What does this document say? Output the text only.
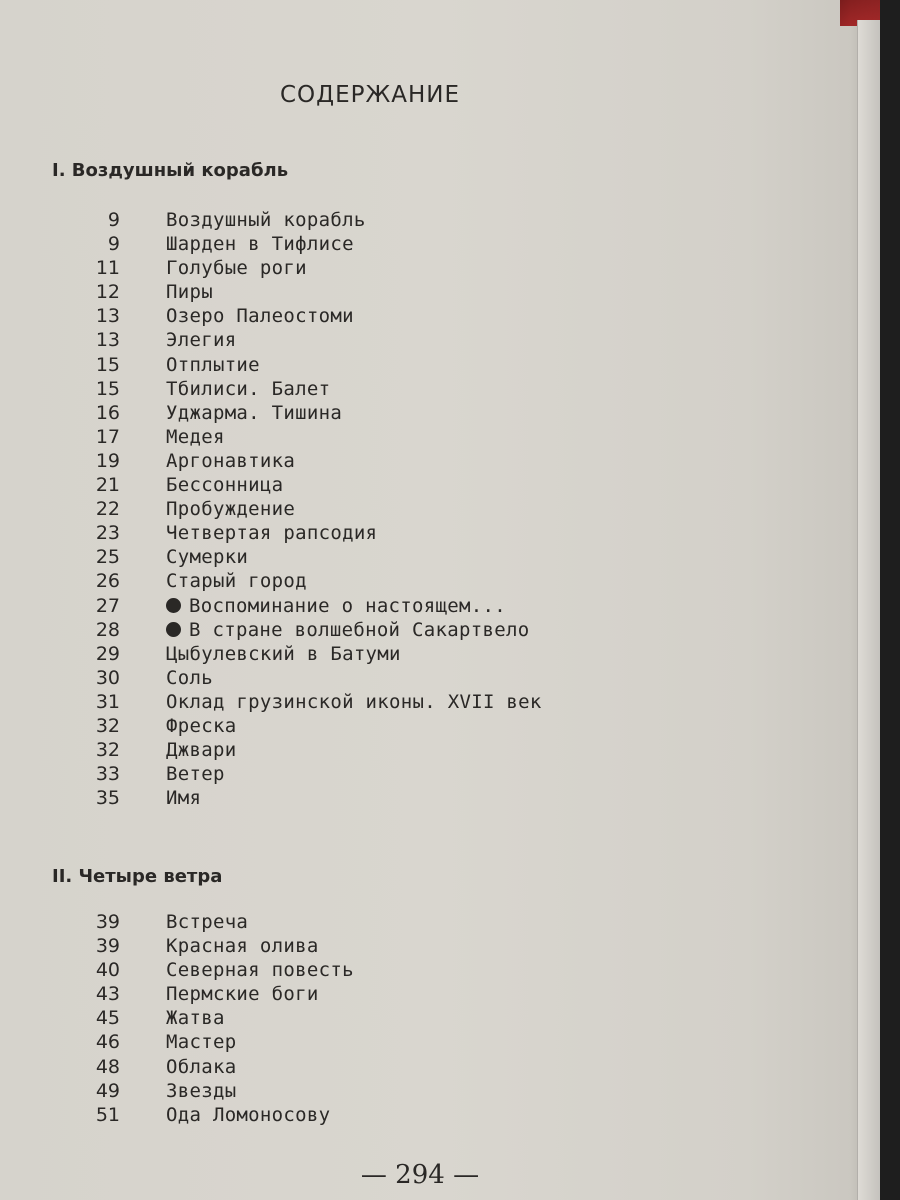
СОДЕРЖАНИЕ
I. Воздушный корабль
9 Воздушный корабль
9 Шарден в Тифлисе
11 Голубые роги
12 Пиры
13 Озеро Палеостоми
13 Элегия
15 Отплытие
15 Тбилиси. Балет
16 Уджарма. Тишина
17 Медея
19 Аргонавтика
21 Бессонница
22 Пробуждение
23 Четвертая рапсодия
25 Сумерки
26 Старый город
27	Воспоминание о настоящем...
28	В стране волшебной Сакартвело
29 Цыбулевский в Батуми
30 Соль
31 Оклад грузинской иконы. XVII век
32 Фреска
32 Джвари
33 Ветер
35 Имя
II. Четыре ветра
39 Встреча
39 Красная олива
40 Северная повесть
43 Пермские боги
45 Жатва
46 Мастер
48 Облака
49 Звезды
51 Ода Ломоносову
— 294 —
